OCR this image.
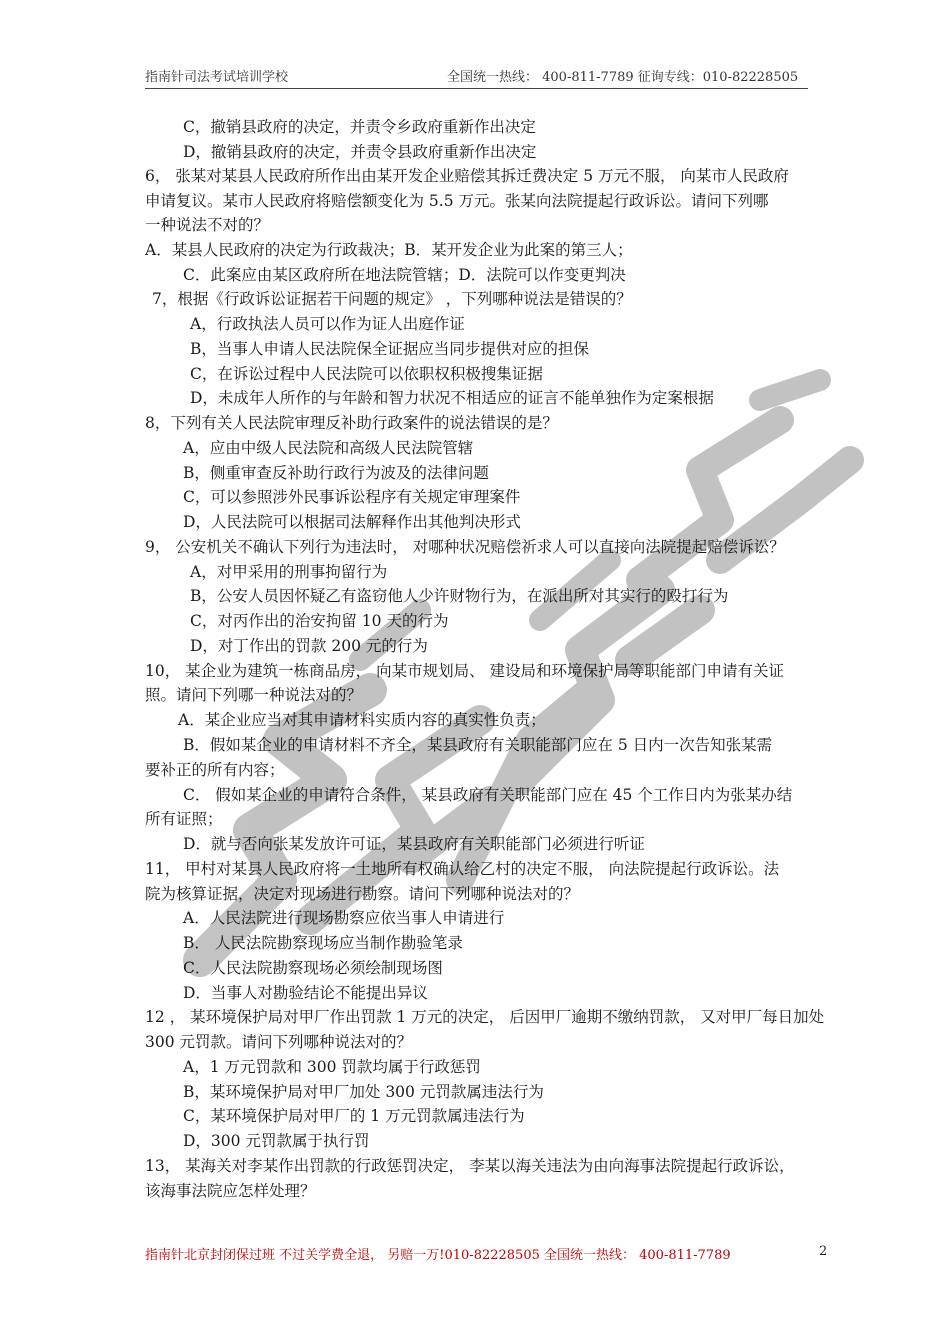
指南针司法考试培训学校	全国统一热线： 400-811-7789 征询专线：010-82228505
C，撤销县政府的决定，并责令乡政府重新作出决定
D，撤销县政府的决定，并责令县政府重新作出决定
6， 张某对某县人民政府所作出由某开发企业赔偿其拆迁费决定 5 万元不服， 向某市人民政府
申请复议。某市人民政府将赔偿额变化为 5.5 万元。张某向法院提起行政诉讼。请问下列哪
一种说法不对的？
A．某县人民政府的决定为行政裁决；B．某开发企业为此案的第三人；
C．此案应由某区政府所在地法院管辖；D．法院可以作变更判决
7，根据《行政诉讼证据若干问题的规定》 ，下列哪种说法是错误的？
A，行政执法人员可以作为证人出庭作证
B，当事人申请人民法院保全证据应当同步提供对应的担保
C，在诉讼过程中人民法院可以依职权积极搜集证据
D，未成年人所作的与年龄和智力状况不相适应的证言不能单独作为定案根据
8，下列有关人民法院审理反补助行政案件的说法错误的是？
A，应由中级人民法院和高级人民法院管辖
B，侧重审查反补助行政行为波及的法律问题
C，可以参照涉外民事诉讼程序有关规定审理案件
D，人民法院可以根据司法解释作出其他判决形式
9， 公安机关不确认下列行为违法时， 对哪种状况赔偿祈求人可以直接向法院提起赔偿诉讼？
A，对甲采用的刑事拘留行为
B，公安人员因怀疑乙有盗窃他人少许财物行为，在派出所对其实行的殴打行为
C，对丙作出的治安拘留 10 天的行为
D，对丁作出的罚款 200 元的行为
10， 某企业为建筑一栋商品房， 向某市规划局、 建设局和环境保护局等职能部门申请有关证
照。请问下列哪一种说法对的？
A．某企业应当对其申请材料实质内容的真实性负责；
B．假如某企业的申请材料不齐全，某县政府有关职能部门应在 5 日内一次告知张某需
要补正的所有内容；
C． 假如某企业的申请符合条件， 某县政府有关职能部门应在 45 个工作日内为张某办结
所有证照；
D．就与否向张某发放许可证，某县政府有关职能部门必须进行听证
11， 甲村对某县人民政府将一土地所有权确认给乙村的决定不服， 向法院提起行政诉讼。法
院为核算证据，决定对现场进行勘察。请问下列哪种说法对的？
A．人民法院进行现场勘察应依当事人申请进行
B． 人民法院勘察现场应当制作勘验笔录
C．人民法院勘察现场必须绘制现场图
D．当事人对勘验结论不能提出异议
12 ， 某环境保护局对甲厂作出罚款 1 万元的决定， 后因甲厂逾期不缴纳罚款， 又对甲厂每日加处
300 元罚款。请问下列哪种说法对的？
A，1 万元罚款和 300 罚款均属于行政惩罚
B，某环境保护局对甲厂加处 300 元罚款属违法行为
C，某环境保护局对甲厂的 1 万元罚款属违法行为
D，300 元罚款属于执行罚
13， 某海关对李某作出罚款的行政惩罚决定， 李某以海关违法为由向海事法院提起行政诉讼，
该海事法院应怎样处理？
指南针北京封闭保过班 不过关学费全退， 另赔一万!010-82228505 全国统一热线： 400-811-7789	2
